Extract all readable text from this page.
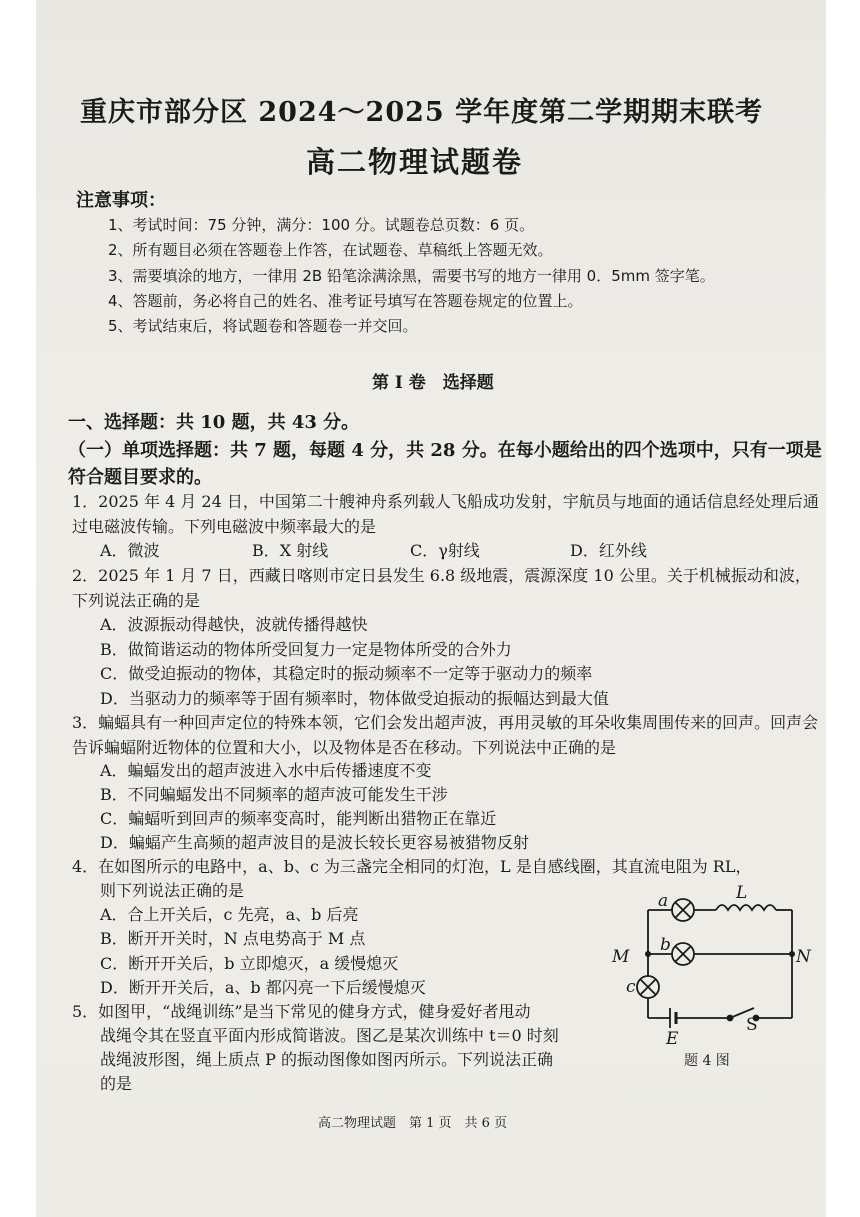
重庆市部分区 2024～2025 学年度第二学期期末联考
高二物理试题卷
注意事项：
1、考试时间：75 分钟，满分：100 分。试题卷总页数：6 页。
2、所有题目必须在答题卷上作答，在试题卷、草稿纸上答题无效。
3、需要填涂的地方，一律用 2B 铅笔涂满涂黑，需要书写的地方一律用 0．5mm 签字笔。
4、答题前，务必将自己的姓名、准考证号填写在答题卷规定的位置上。
5、考试结束后，将试题卷和答题卷一并交回。
第 I 卷　选择题
一、选择题：共 10 题，共 43 分。
（一）单项选择题：共 7 题，每题 4 分，共 28 分。在每小题给出的四个选项中，只有一项是符合题目要求的。
1．2025 年 4 月 24 日，中国第二十艘神舟系列载人飞船成功发射，宇航员与地面的通话信息经处理后通过电磁波传输。下列电磁波中频率最大的是
A．微波	B．X 射线	C．γ射线	D．红外线
2．2025 年 1 月 7 日，西藏日喀则市定日县发生 6.8 级地震，震源深度 10 公里。关于机械振动和波，下列说法正确的是
A．波源振动得越快，波就传播得越快
B．做简谐运动的物体所受回复力一定是物体所受的合外力
C．做受迫振动的物体，其稳定时的振动频率不一定等于驱动力的频率
D．当驱动力的频率等于固有频率时，物体做受迫振动的振幅达到最大值
3．蝙蝠具有一种回声定位的特殊本领，它们会发出超声波，再用灵敏的耳朵收集周围传来的回声。回声会告诉蝙蝠附近物体的位置和大小，以及物体是否在移动。下列说法中正确的是
A．蝙蝠发出的超声波进入水中后传播速度不变
B．不同蝙蝠发出不同频率的超声波可能发生干涉
C．蝙蝠听到回声的频率变高时，能判断出猎物正在靠近
D．蝙蝠产生高频的超声波目的是波长较长更容易被猎物反射
4．在如图所示的电路中，a、b、c 为三盏完全相同的灯泡，L 是自感线圈，其直流电阻为 RL，
则下列说法正确的是
A．合上开关后，c 先亮，a、b 后亮
B．断开开关时，N 点电势高于 M 点
C．断开开关后，b 立即熄灭，a 缓慢熄灭
D．断开开关后，a、b 都闪亮一下后缓慢熄灭
5．如图甲，“战绳训练”是当下常见的健身方式，健身爱好者甩动
战绳令其在竖直平面内形成简谐波。图乙是某次训练中 t＝0 时刻
战绳波形图，绳上质点 P 的振动图像如图丙所示。下列说法正确
的是
a	L
b
M	N
c
E
S
题 4 图
高二物理试题　第 1 页　共 6 页
